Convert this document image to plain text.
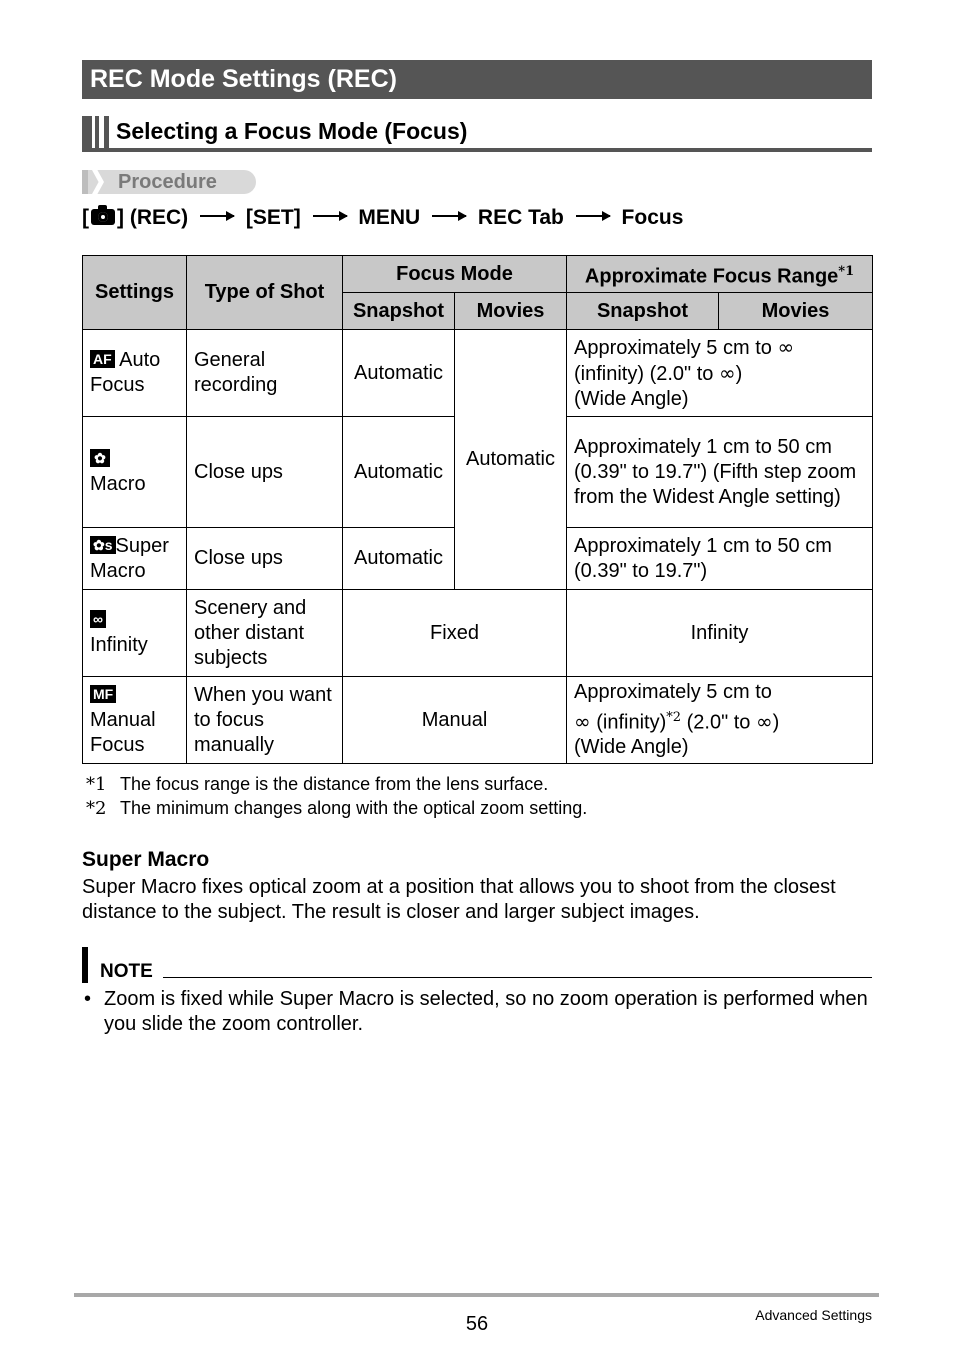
REC Mode Settings (REC)
Selecting a Focus Mode (Focus)
Procedure
[ ] (REC)	[SET]	MENU	REC Tab	Focus
Settings	Type of Shot	Focus Mode		Approximate Focus Range$^{*1}$
		Snapshot	Movies	Snapshot	Movies
AF Auto Focus	General recording	Automatic	Automatic	Approximately 5 cm to ∞ (infinity) (2.0" to ∞)
(Wide Angle)	
✿
Macro	Close ups	Automatic		Approximately 1 cm to 50 cm (0.39" to 19.7") (Fifth step zoom from the Widest Angle setting)	
✿s Super Macro	Close ups	Automatic		Approximately 1 cm to 50 cm (0.39" to 19.7")	
∞
Infinity	Scenery and other distant subjects	Fixed		Infinity	
MF
Manual Focus	When you want to focus manually	Manual		Approximately 5 cm to
∞ (infinity)$^{*2}$ (2.0" to ∞)
(Wide Angle)	
*1 The focus range is the distance from the lens surface.
*2 The minimum changes along with the optical zoom setting.
Super Macro
Super Macro fixes optical zoom at a position that allows you to shoot from the closest distance to the subject. The result is closer and larger subject images.
NOTE
• Zoom is fixed while Super Macro is selected, so no zoom operation is performed when you slide the zoom controller.
56	Advanced Settings
